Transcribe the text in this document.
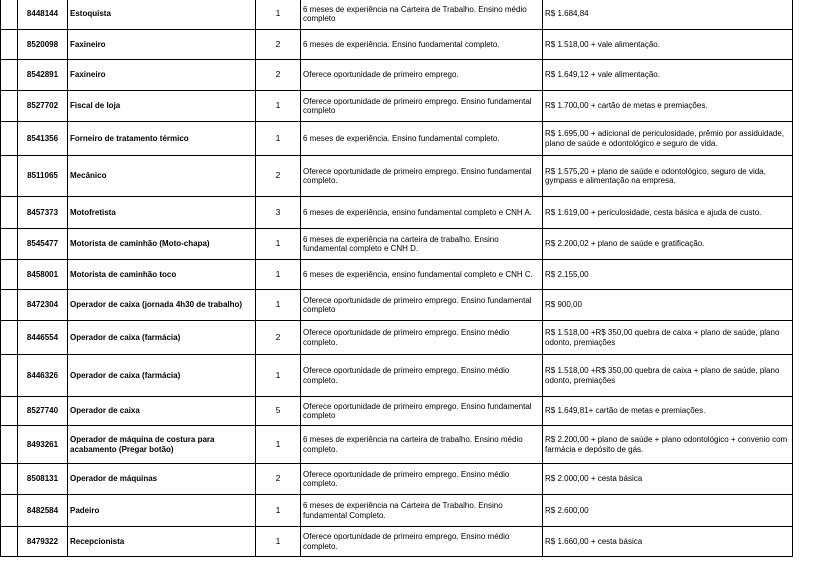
	8448144	Estoquista	1	6 meses de experiência na Carteira de Trabalho. Ensino médio completo	R$ 1.684,84
	8520098	Faxineiro	2	6 meses de experiência. Ensino fundamental completo.	R$ 1.518,00 + vale alimentação.
	8542891	Faxineiro	2	Oferece oportunidade de primeiro emprego.	R$ 1.649,12 + vale alimentação.
	8527702	Fiscal de loja	1	Oferece oportunidade de primeiro emprego. Ensino fundamental completo	R$ 1.700,00 + cartão de metas e premiações.
	8541356	Forneiro de tratamento térmico	1	6 meses de experiência. Ensino fundamental completo.	R$ 1.695,00 + adicional de periculosidade, prêmio por assiduidade, plano de saúde e odontológico e seguro de vida.
	8511065	Mecânico	2	Oferece oportunidade de primeiro emprego. Ensino fundamental completo.	R$ 1.575,20 + plano de saúde e odontológico, seguro de vida, gympass e alimentação na empresa.
	8457373	Motofretista	3	6 meses de experiência, ensino fundamental completo e CNH A.	R$ 1.619,00 + periculosidade, cesta básica e ajuda de custo.
	8545477	Motorista de caminhão (Moto-chapa)	1	6 meses de experiência na carteira de trabalho. Ensino fundamental completo e CNH D.	R$ 2.200,02 + plano de saúde e gratificação.
	8458001	Motorista de caminhão toco	1	6 meses de experiência, ensino fundamental completo e CNH C.	R$ 2.155,00
	8472304	Operador de caixa (jornada 4h30 de trabalho)	1	Oferece oportunidade de primeiro emprego. Ensino fundamental completo	R$ 900,00
	8446554	Operador de caixa (farmácia)	2	Oferece oportunidade de primeiro emprego. Ensino médio completo.	R$ 1.518,00 +R$ 350,00 quebra de caixa + plano de saúde, plano odonto, premiações
	8446326	Operador de caixa (farmácia)	1	Oferece oportunidade de primeiro emprego. Ensino médio completo.	R$ 1.518,00 +R$ 350,00 quebra de caixa + plano de saúde, plano odonto, premiações
	8527740	Operador de caixa	5	Oferece oportunidade de primeiro emprego. Ensino fundamental completo	R$ 1.649,81+ cartão de metas e premiações.
	8493261	Operador de máquina de costura para acabamento (Pregar botão)	1	6 meses de experiência na carteira de trabalho. Ensino médio completo.	R$ 2.200,00 + plano de saúde + plano odontológico + convenio com farmácia e depósito de gás.
	8508131	Operador de máquinas	2	Oferece oportunidade de primeiro emprego. Ensino médio completo.	R$ 2.000,00 + cesta básica
	8482584	Padeiro	1	6 meses de experiência na Carteira de Trabalho. Ensino fundamental Completo.	R$ 2.600,00
	8479322	Recepcionista	1	Oferece oportunidade de primeiro emprego. Ensino médio completo.	R$ 1.660,00 + cesta básica
